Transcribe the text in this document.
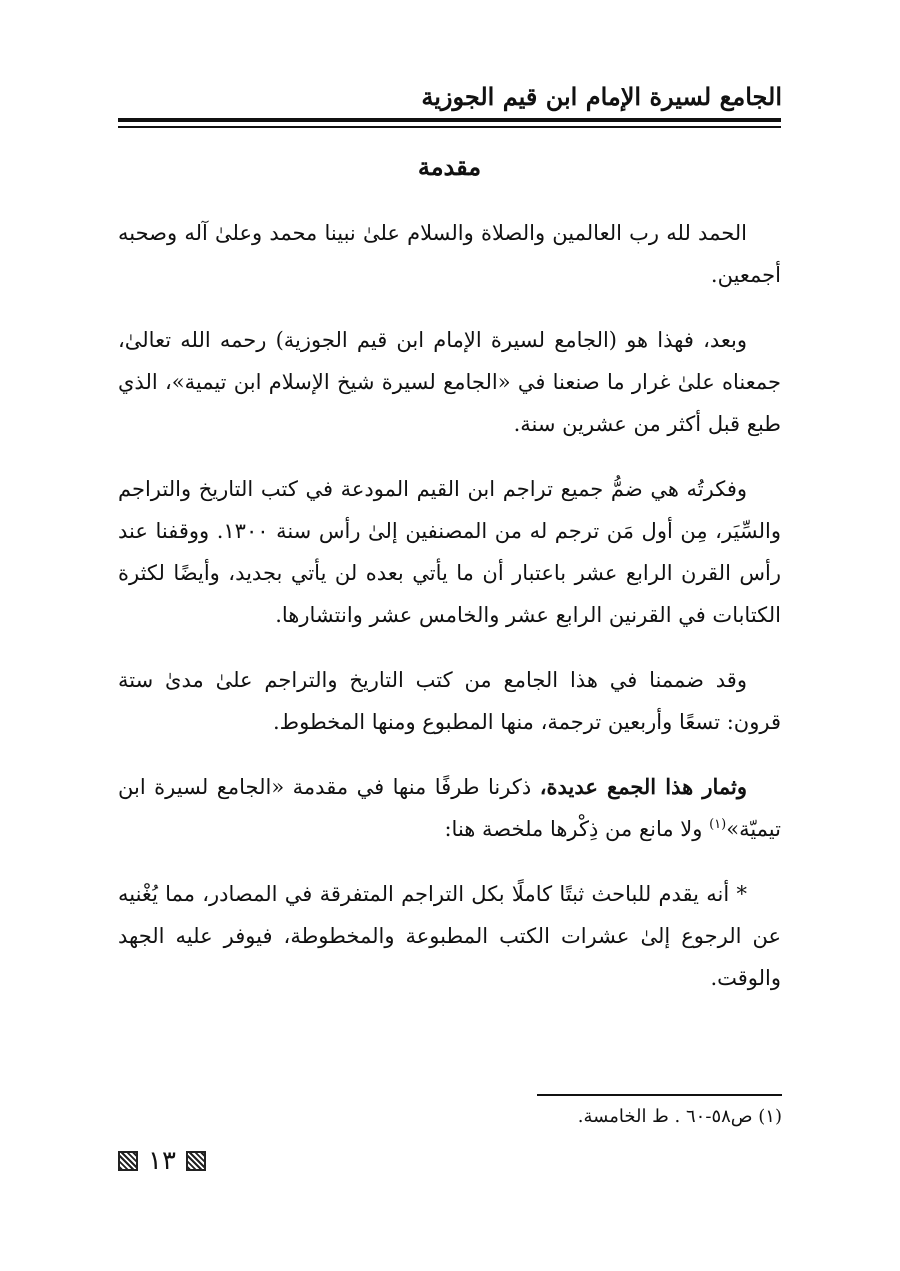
الجامع لسيرة الإمام ابن قيم الجوزية
مقدمة

الحمد لله رب العالمين والصلاة والسلام علىٰ نبينا محمد وعلىٰ آله وصحبه أجمعين.

وبعد، فهذا هو (الجامع لسيرة الإمام ابن قيم الجوزية) رحمه الله تعالىٰ، جمعناه علىٰ غرار ما صنعنا في «الجامع لسيرة شيخ الإسلام ابن تيمية»، الذي طبع قبل أكثر من عشرين سنة.

وفكرتُه هي ضمُّ جميع تراجم ابن القيم المودعة في كتب التاريخ والتراجم والسِّيَر، مِن أول مَن ترجم له من المصنفين إلىٰ رأس سنة ١٣٠٠. ووقفنا عند رأس القرن الرابع عشر باعتبار أن ما يأتي بعده لن يأتي بجديد، وأيضًا لكثرة الكتابات في القرنين الرابع عشر والخامس عشر وانتشارها.

وقد ضممنا في هذا الجامع من كتب التاريخ والتراجم علىٰ مدىٰ ستة قرون: تسعًا وأربعين ترجمة، منها المطبوع ومنها المخطوط.

وثمار هذا الجمع عديدة، ذكرنا طرفًا منها في مقدمة «الجامع لسيرة ابن تيميّة»$^{(١)}$ ولا مانع من ذِكْرها ملخصة هنا:

* أنه يقدم للباحث ثبتًا كاملًا بكل التراجم المتفرقة في المصادر، مما يُغْنيه عن الرجوع إلىٰ عشرات الكتب المطبوعة والمخطوطة، فيوفر عليه الجهد والوقت.

(١) ص٥٨-٦٠ . ط الخامسة.
١٣
